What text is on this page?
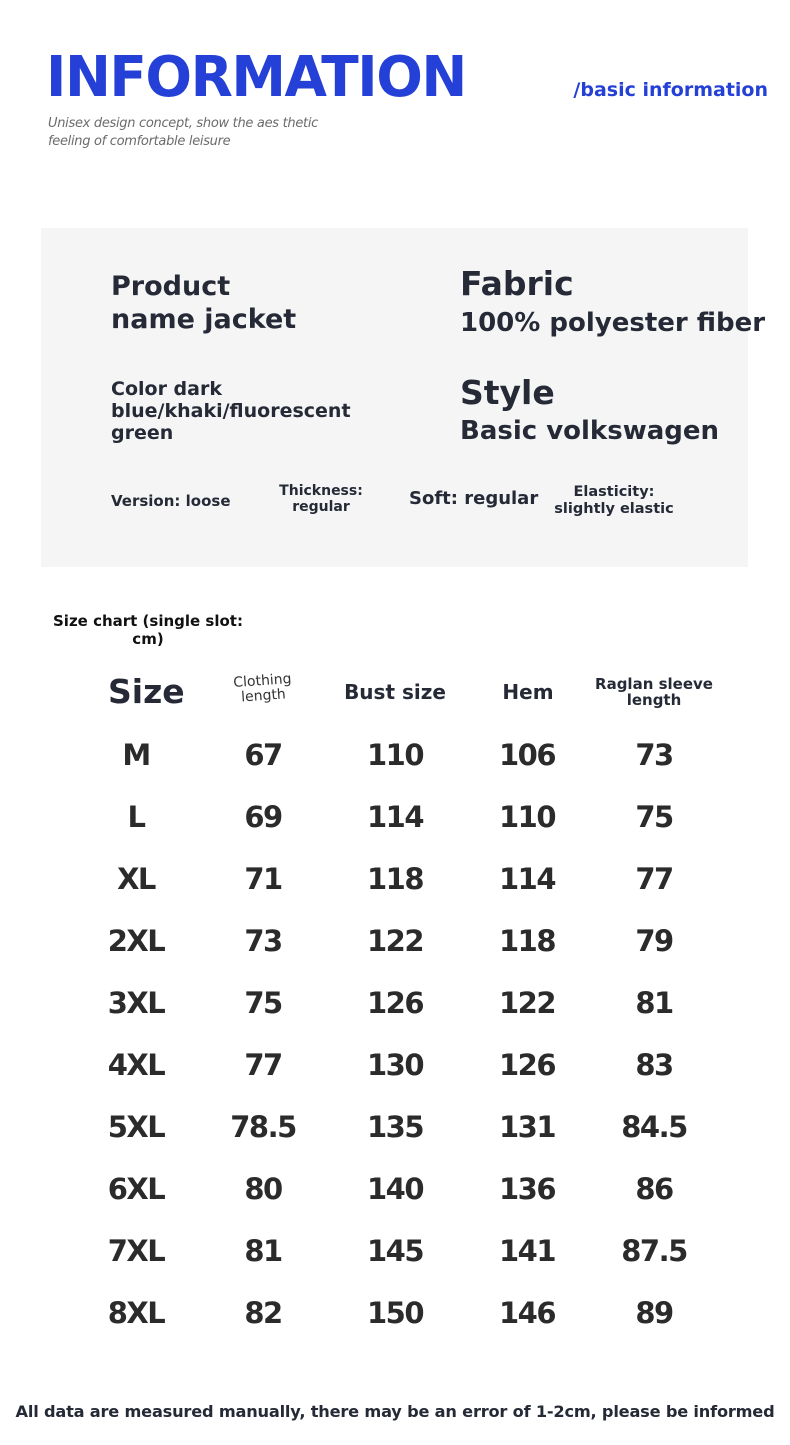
INFORMATION
Unisex design concept, show the aes thetic
feeling of comfortable leisure
/basic information
Product
name jacket
Fabric
100% polyester fiber
Color dark
blue/khaki/fluorescent
green
Style
Basic volkswagen
Version: loose
Thickness:
regular	Soft: regular	Elasticity:
slightly elastic
Size chart (single slot:
cm)
Size	Clothing
length	Bust size	Hem	Raglan sleeve
length
M	67	110	106	73
L	69	114	110	75
XL	71	118	114	77
2XL	73	122	118	79
3XL	75	126	122	81
4XL	77	130	126	83
5XL	78.5	135	131	84.5
6XL	80	140	136	86
7XL	81	145	141	87.5
8XL	82	150	146	89
All data are measured manually, there may be an error of 1-2cm, please be informed
